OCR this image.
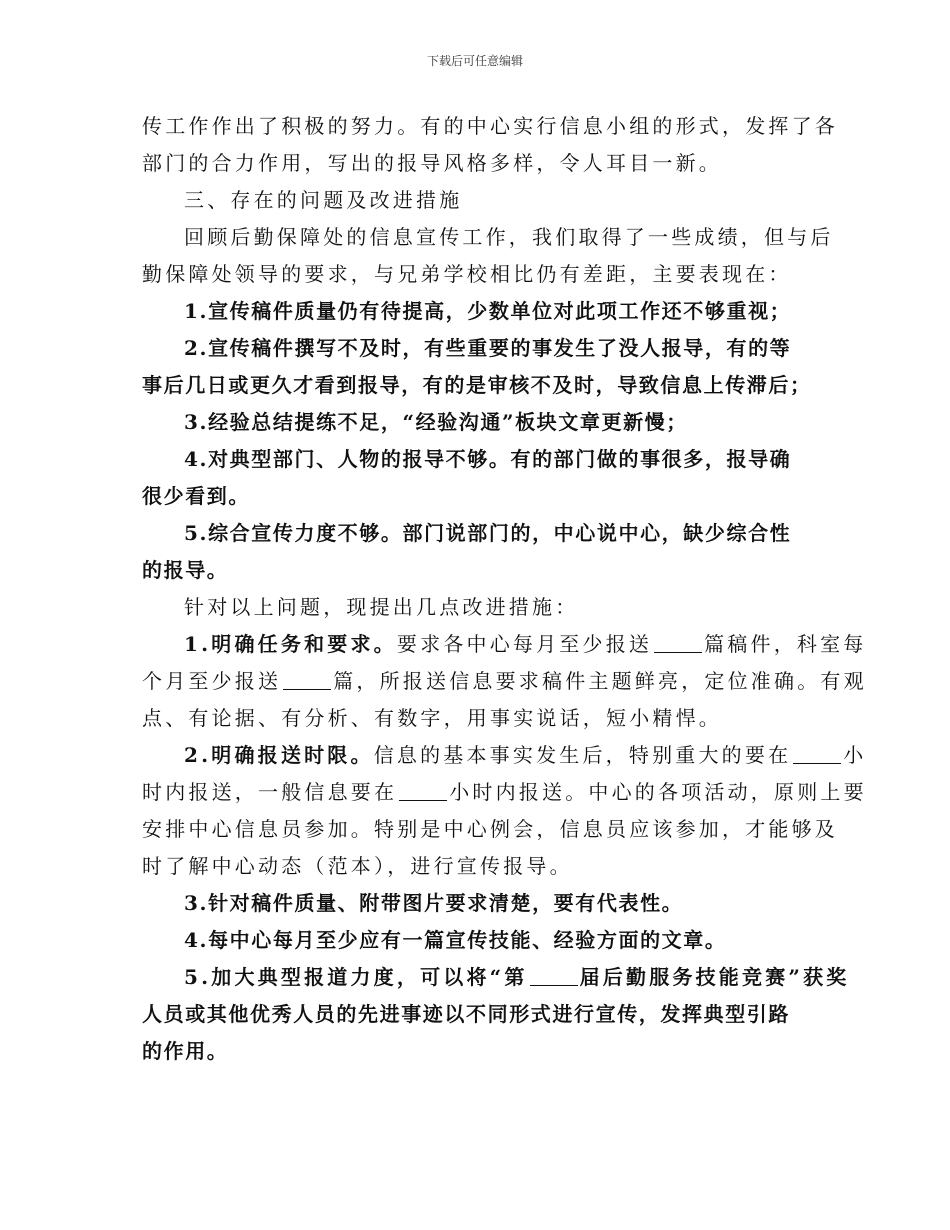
下载后可任意编辑
传工作作出了积极的努力。有的中心实行信息小组的形式，发挥了各
部门的合力作用，写出的报导风格多样，令人耳目一新。
三、存在的问题及改进措施
回顾后勤保障处的信息宣传工作，我们取得了一些成绩，但与后
勤保障处领导的要求，与兄弟学校相比仍有差距，主要表现在：
1.宣传稿件质量仍有待提高，少数单位对此项工作还不够重视；
2.宣传稿件撰写不及时，有些重要的事发生了没人报导，有的等
事后几日或更久才看到报导，有的是审核不及时，导致信息上传滞后；
3.经验总结提练不足，“经验沟通”板块文章更新慢；
4.对典型部门、人物的报导不够。有的部门做的事很多，报导确
很少看到。
5.综合宣传力度不够。部门说部门的，中心说中心，缺少综合性
的报导。
针对以上问题，现提出几点改进措施：
1.明确任务和要求。要求各中心每月至少报送	篇稿件，科室每
个月至少报送	篇，所报送信息要求稿件主题鲜亮，定位准确。有观
点、有论据、有分析、有数字，用事实说话，短小精悍。
2.明确报送时限。信息的基本事实发生后，特别重大的要在	小
时内报送，一般信息要在	小时内报送。中心的各项活动，原则上要
安排中心信息员参加。特别是中心例会，信息员应该参加，才能够及
时了解中心动态（范本），进行宣传报导。
3.针对稿件质量、附带图片要求清楚，要有代表性。
4.每中心每月至少应有一篇宣传技能、经验方面的文章。
5.加大典型报道力度，可以将“第	届后勤服务技能竞赛”获奖
人员或其他优秀人员的先进事迹以不同形式进行宣传，发挥典型引路
的作用。
